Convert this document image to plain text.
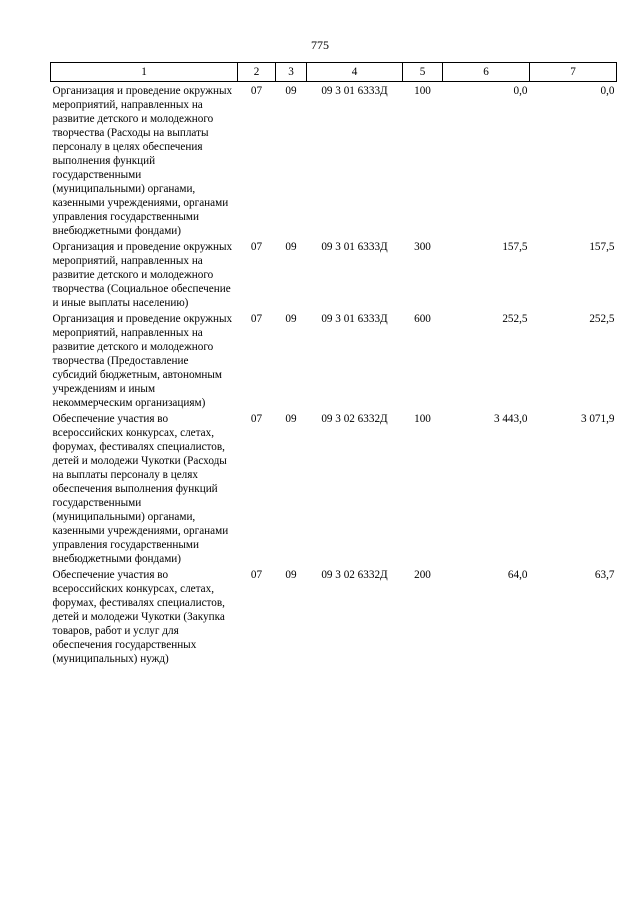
775
1	2	3	4	5	6	7
Организация и проведение окружных мероприятий, направленных на развитие детского и молодежного творчества (Расходы на выплаты персоналу в целях обеспечения выполнения функций государственными (муниципальными) органами, казенными учреждениями, органами управления государственными внебюджетными фондами)	07	09	09 3 01 6333Д	100	0,0	0,0
Организация и проведение окружных мероприятий, направленных на развитие детского и молодежного творчества (Социальное обеспечение и иные выплаты населению)	07	09	09 3 01 6333Д	300	157,5	157,5
Организация и проведение окружных мероприятий, направленных на развитие детского и молодежного творчества (Предоставление субсидий бюджетным, автономным учреждениям и иным некоммерческим организациям)	07	09	09 3 01 6333Д	600	252,5	252,5
Обеспечение участия во всероссийских конкурсах, слетах, форумах, фестивалях специалистов, детей и молодежи Чукотки (Расходы на выплаты персоналу в целях обеспечения выполнения функций государственными (муниципальными) органами, казенными учреждениями, органами управления государственными внебюджетными фондами)	07	09	09 3 02 6332Д	100	3 443,0	3 071,9
Обеспечение участия во всероссийских конкурсах, слетах, форумах, фестивалях специалистов, детей и молодежи Чукотки (Закупка товаров, работ и услуг для обеспечения государственных (муниципальных) нужд)	07	09	09 3 02 6332Д	200	64,0	63,7
